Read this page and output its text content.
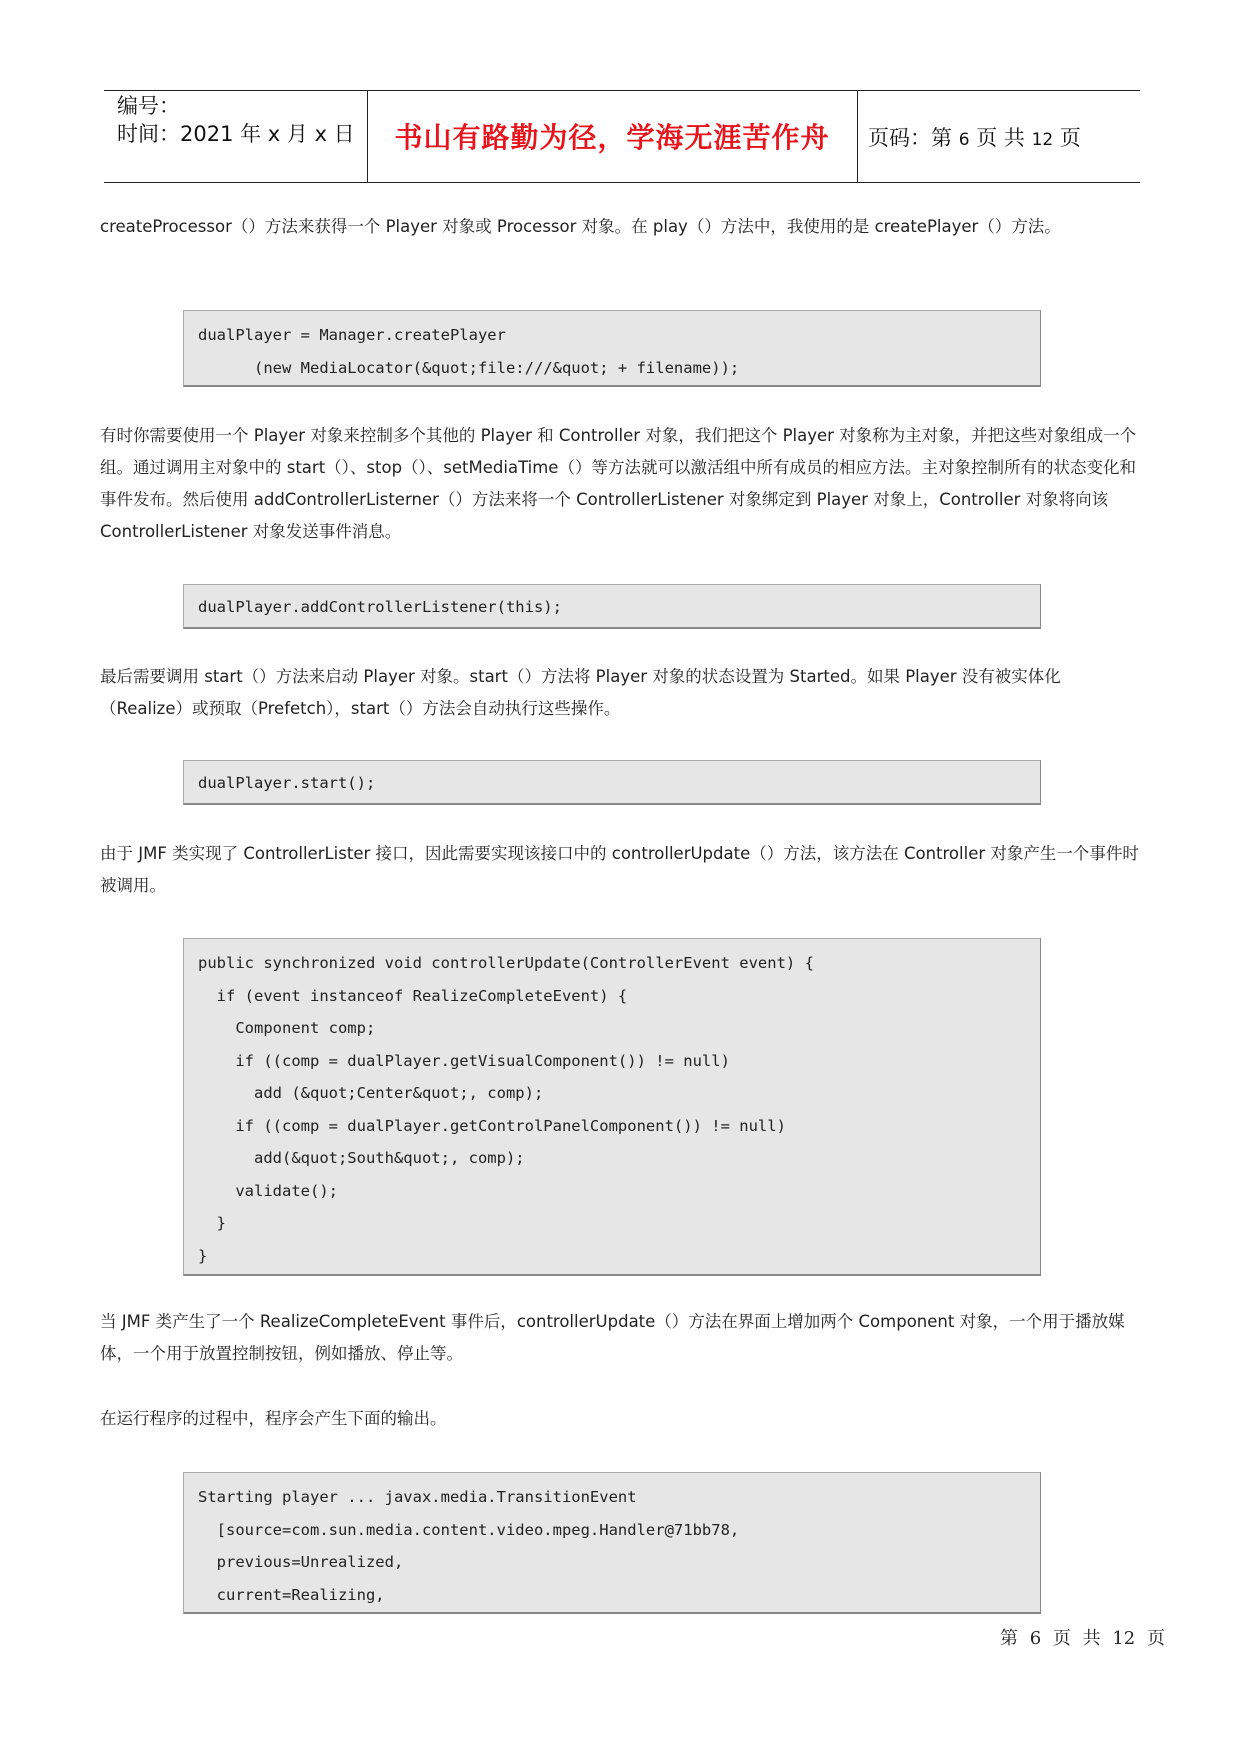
编号：
时间：2021 年 x 月 x 日	书山有路勤为径，学海无涯苦作舟	页码：第 6 页 共 12 页

createProcessor（）方法来获得一个 Player 对象或 Processor 对象。在 play（）方法中，我使用的是 createPlayer（）方法。

dualPlayer = Manager.createPlayer
(new MediaLocator(&quot;file:///&quot; + filename));

有时你需要使用一个 Player 对象来控制多个其他的 Player 和 Controller 对象，我们把这个 Player 对象称为主对象，并把这些对象组成一个组。通过调用主对象中的 start（）、stop（）、setMediaTime（）等方法就可以激活组中所有成员的相应方法。主对象控制所有的状态变化和事件发布。然后使用 addControllerListerner（）方法来将一个 ControllerListener 对象绑定到 Player 对象上，Controller 对象将向该 ControllerListener 对象发送事件消息。

dualPlayer.addControllerListener(this);

最后需要调用 start（）方法来启动 Player 对象。start（）方法将 Player 对象的状态设置为 Started。如果 Player 没有被实体化（Realize）或预取（Prefetch），start（）方法会自动执行这些操作。

dualPlayer.start();

由于 JMF 类实现了 ControllerLister 接口，因此需要实现该接口中的 controllerUpdate（）方法，该方法在 Controller 对象产生一个事件时被调用。

public synchronized void controllerUpdate(ControllerEvent event) {
if (event instanceof RealizeCompleteEvent) {
Component comp;
if ((comp = dualPlayer.getVisualComponent()) != null)
add (&quot;Center&quot;, comp);
if ((comp = dualPlayer.getControlPanelComponent()) != null)
add(&quot;South&quot;, comp);
validate();
}
}

当 JMF 类产生了一个 RealizeCompleteEvent 事件后，controllerUpdate（）方法在界面上增加两个 Component 对象，一个用于播放媒体，一个用于放置控制按钮，例如播放、停止等。

在运行程序的过程中，程序会产生下面的输出。

Starting player ... javax.media.TransitionEvent
[source=com.sun.media.content.video.mpeg.Handler@71bb78,
previous=Unrealized,
current=Realizing,
第 6 页 共 12 页
